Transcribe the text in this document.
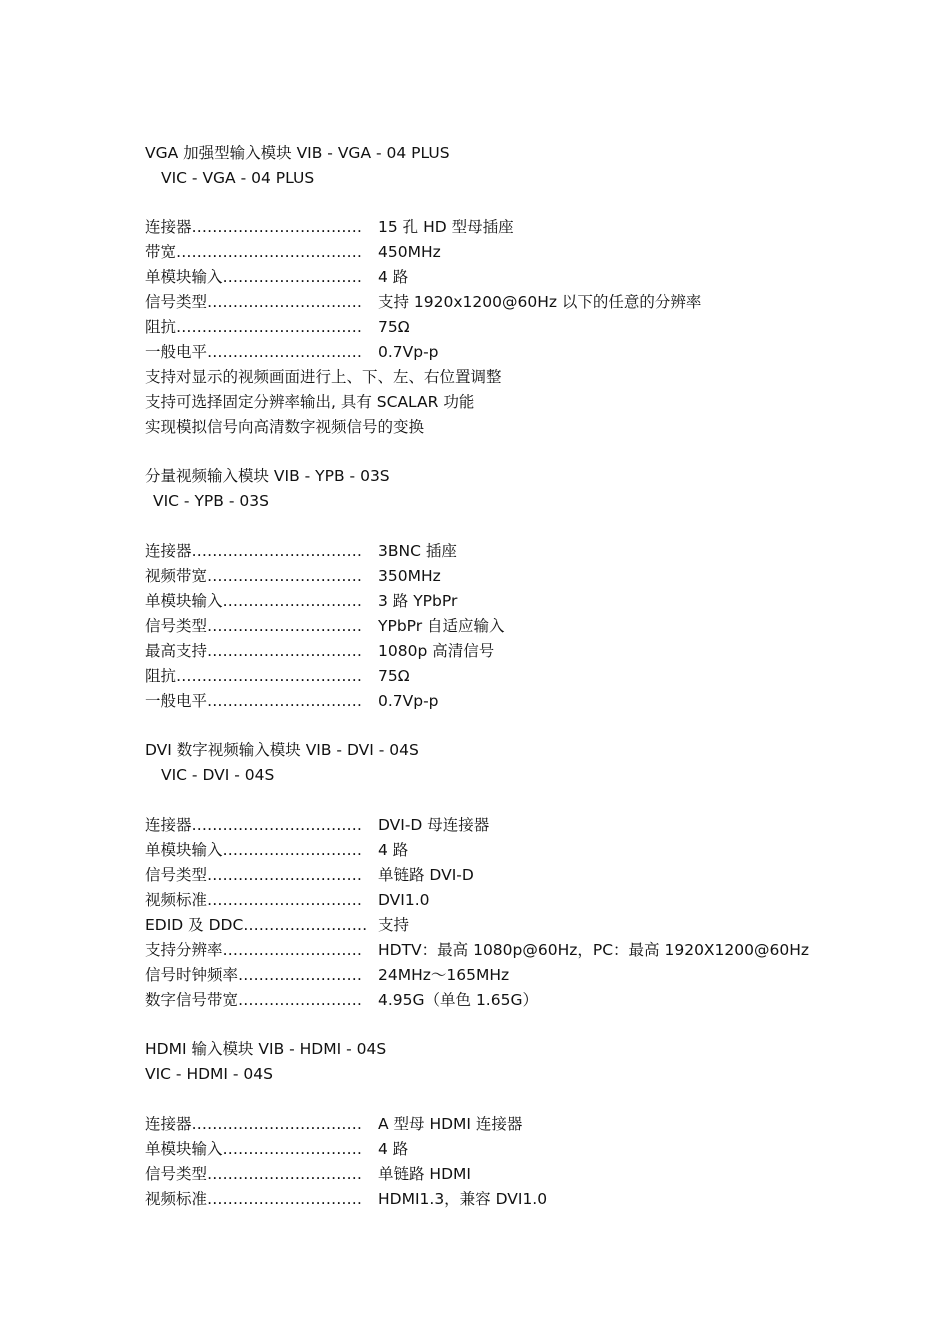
VGA 加强型输入模块 VIB - VGA - 04 PLUS
VIC - VGA - 04 PLUS
连接器…………………………… 15 孔 HD 型母插座
带宽……………………………… 450MHz
单模块输入……………………… 4 路
信号类型………………………… 支持 1920x1200@60Hz 以下的任意的分辨率
阻抗……………………………… 75Ω
一般电平………………………… 0.7Vp-p
支持对显示的视频画面进行上、下、左、右位置调整
支持可选择固定分辨率输出, 具有 SCALAR 功能
实现模拟信号向高清数字视频信号的变换
分量视频输入模块 VIB - YPB - 03S
VIC - YPB - 03S
连接器…………………………… 3BNC 插座
视频带宽………………………… 350MHz
单模块输入……………………… 3 路 YPbPr
信号类型………………………… YPbPr 自适应输入
最高支持………………………… 1080p 高清信号
阻抗……………………………… 75Ω
一般电平………………………… 0.7Vp-p
DVI 数字视频输入模块 VIB - DVI - 04S
VIC - DVI - 04S
连接器…………………………… DVI-D 母连接器
单模块输入……………………… 4 路
信号类型………………………… 单链路 DVI-D
视频标准………………………… DVI1.0
EDID 及 DDC…………………… 支持
支持分辨率……………………… HDTV：最高 1080p@60Hz，PC：最高 1920X1200@60Hz
信号时钟频率…………………… 24MHz～165MHz
数字信号带宽…………………… 4.95G（单色 1.65G）
HDMI 输入模块 VIB - HDMI - 04S
VIC - HDMI - 04S
连接器…………………………… A 型母 HDMI 连接器
单模块输入……………………… 4 路
信号类型………………………… 单链路 HDMI
视频标准………………………… HDMI1.3，兼容 DVI1.0
